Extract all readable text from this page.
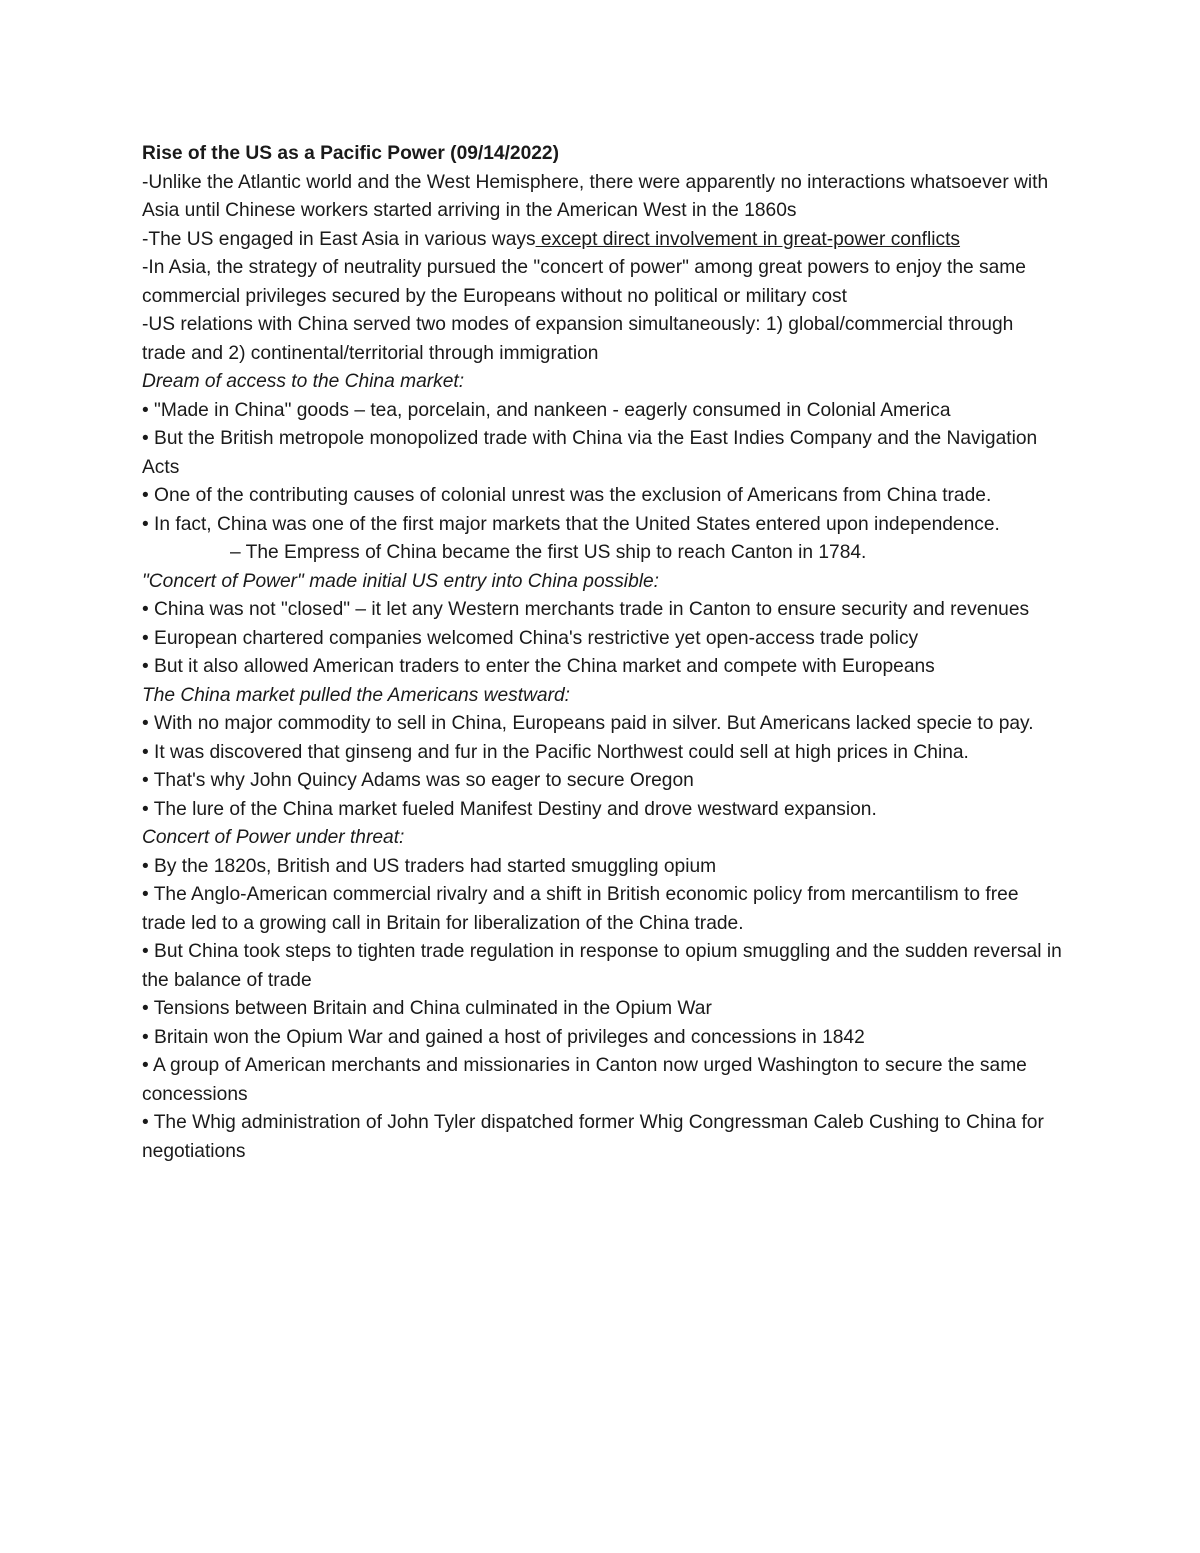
Rise of the US as a Pacific Power (09/14/2022)

-Unlike the Atlantic world and the West Hemisphere, there were apparently no interactions whatsoever with Asia until Chinese workers started arriving in the American West in the 1860s

-The US engaged in East Asia in various ways except direct involvement in great-power conflicts

-In Asia, the strategy of neutrality pursued the "concert of power" among great powers to enjoy the same commercial privileges secured by the Europeans without no political or military cost

-US relations with China served two modes of expansion simultaneously: 1) global/commercial through trade and 2) continental/territorial through immigration

Dream of access to the China market:

• "Made in China" goods – tea, porcelain, and nankeen - eagerly consumed in Colonial America

• But the British metropole monopolized trade with China via the East Indies Company and the Navigation Acts

• One of the contributing causes of colonial unrest was the exclusion of Americans from China trade.

• In fact, China was one of the first major markets that the United States entered upon independence.

– The Empress of China became the first US ship to reach Canton in 1784.

"Concert of Power" made initial US entry into China possible:

• China was not "closed" – it let any Western merchants trade in Canton to ensure security and revenues

• European chartered companies welcomed China's restrictive yet open-access trade policy

• But it also allowed American traders to enter the China market and compete with Europeans

The China market pulled the Americans westward:

• With no major commodity to sell in China, Europeans paid in silver. But Americans lacked specie to pay.

• It was discovered that ginseng and fur in the Pacific Northwest could sell at high prices in China.

• That's why John Quincy Adams was so eager to secure Oregon

• The lure of the China market fueled Manifest Destiny and drove westward expansion.

Concert of Power under threat:

• By the 1820s, British and US traders had started smuggling opium

• The Anglo-American commercial rivalry and a shift in British economic policy from mercantilism to free trade led to a growing call in Britain for liberalization of the China trade.

• But China took steps to tighten trade regulation in response to opium smuggling and the sudden reversal in the balance of trade

• Tensions between Britain and China culminated in the Opium War

• Britain won the Opium War and gained a host of privileges and concessions in 1842

• A group of American merchants and missionaries in Canton now urged Washington to secure the same concessions

• The Whig administration of John Tyler dispatched former Whig Congressman Caleb Cushing to China for negotiations
